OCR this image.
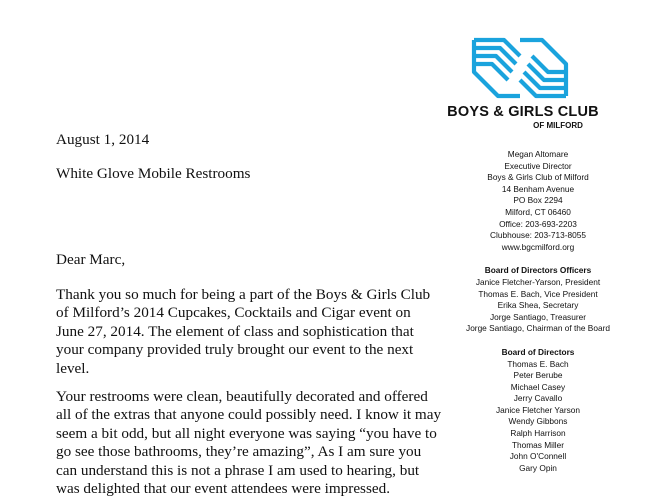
BOYS & GIRLS CLUB
OF MILFORD

August 1, 2014

White Glove Mobile Restrooms

Dear Marc,

Thank you so much for being a part of the Boys & Girls Club
of Milford’s 2014 Cupcakes, Cocktails and Cigar event on
June 27, 2014. The element of class and sophistication that
your company provided truly brought our event to the next
level.

Your restrooms were clean, beautifully decorated and offered
all of the extras that anyone could possibly need. I know it may
seem a bit odd, but all night everyone was saying “you have to
go see those bathrooms, they’re amazing”, As I am sure you
can understand this is not a phrase I am used to hearing, but
was delighted that our event attendees were impressed.

Megan Altomare
Executive Director
Boys & Girls Club of Milford
14 Benham Avenue
PO Box 2294
Milford, CT 06460
Office: 203-693-2203
Clubhouse: 203-713-8055
www.bgcmilford.org
Board of Directors Officers
Janice Fletcher-Yarson, President
Thomas E. Bach, Vice President
Erika Shea, Secretary
Jorge Santiago, Treasurer
Jorge Santiago, Chairman of the Board
Board of Directors
Thomas E. Bach
Peter Berube
Michael Casey
Jerry Cavallo
Janice Fletcher Yarson
Wendy Gibbons
Ralph Harrison
Thomas Miller
John O'Connell
Gary Opin
